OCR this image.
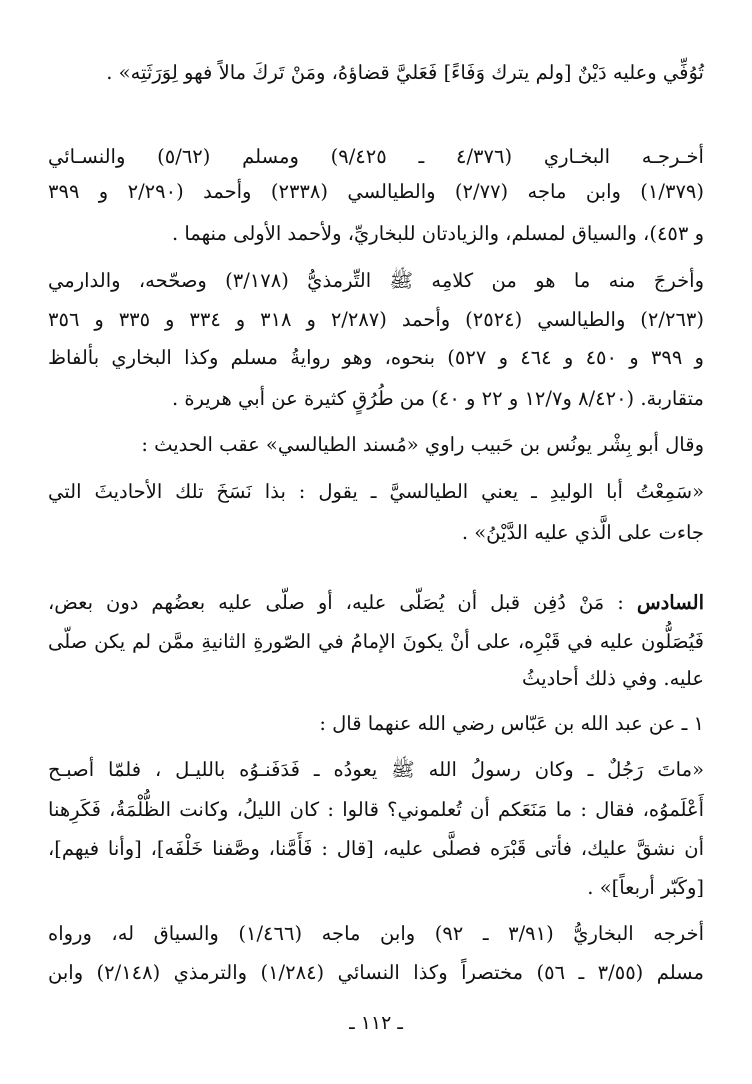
تُوُفِّي وعليه دَيْنٌ [ولم يترك وَفَاءً] فَعَليَّ قضاؤهُ، ومَنْ تَركَ مالاً فهو لِوَرَثَتِه» .
أخـرجـه البخـاري (٤/٣٧٦ ـ ٩/٤٢٥) ومسلم (٥/٦٢) والنسـائي
(١/٣٧٩) وابن ماجه (٢/٧٧) والطيالسي (٢٣٣٨) وأحمد (٢/٢٩٠ و ٣٩٩
و ٤٥٣)، والسياق لمسلم، والزيادتان للبخاريِّ، ولأحمد الأولى منهما .
وأخرجَ منه ما هو من كلامِه ﷺ التِّرمذيُّ (٣/١٧٨) وصحّحه، والدارمي
(٢/٢٦٣) والطيالسي (٢٥٢٤) وأحمد (٢/٢٨٧ و ٣١٨ و ٣٣٤ و ٣٣٥ و ٣٥٦
و ٣٩٩ و ٤٥٠ و ٤٦٤ و ٥٢٧) بنحوه، وهو روايةُ مسلم وكذا البخاري بألفاظ
متقاربة. (٨/٤٢٠ و١٢/٧ و ٢٢ و ٤٠) من طُرُقٍ كثيرة عن أبي هريرة .
وقال أبو بِشْر يونُس بن حَبيب راوي «مُسند الطيالسي» عقب الحديث :
«سَمِعْتُ أبا الوليدِ ـ يعني الطيالسيَّ ـ يقول : بذا نَسَخَ تلك الأحاديثَ التي
جاءت على الَّذي عليه الدَّيْنُ» .
السادس : مَنْ دُفِن قبل أن يُصَلّى عليه، أو صلّى عليه بعضُهم دون بعض،
فَيُصَلُّون عليه في قَبْرِه، على أنْ يكونَ الإمامُ في الصّورةِ الثانيةِ ممَّن لم يكن صلّى
عليه. وفي ذلك أحاديثُ
١ ـ عن عبد الله بن عَبّاس رضي الله عنهما قال :
«ماتَ رَجُلٌ ـ وكان رسولُ الله ﷺ يعودُه ـ فَدَفَنـوُه بالليـل ، فلمّا أصبـح
أَعْلَموُه، فقال : ما مَنَعَكم أن تُعلموني؟ قالوا : كان الليلُ، وكانت الظُّلْمَةُ، فَكَرِهنا
أن نشقَّ عليك، فأتى قَبْرَه فصلَّى عليه، [قال : فَأَمَّنا، وصَّفنا خَلْفَه]، [وأنا فيهم]،
[وكَبّر أربعاً]» .
أخرجه البخاريُّ (٣/٩١ ـ ٩٢) وابن ماجه (١/٤٦٦) والسياق له، ورواه
مسلم (٣/٥٥ ـ ٥٦) مختصراً وكذا النسائي (١/٢٨٤) والترمذي (٢/١٤٨) وابن
ـ ١١٢ ـ
